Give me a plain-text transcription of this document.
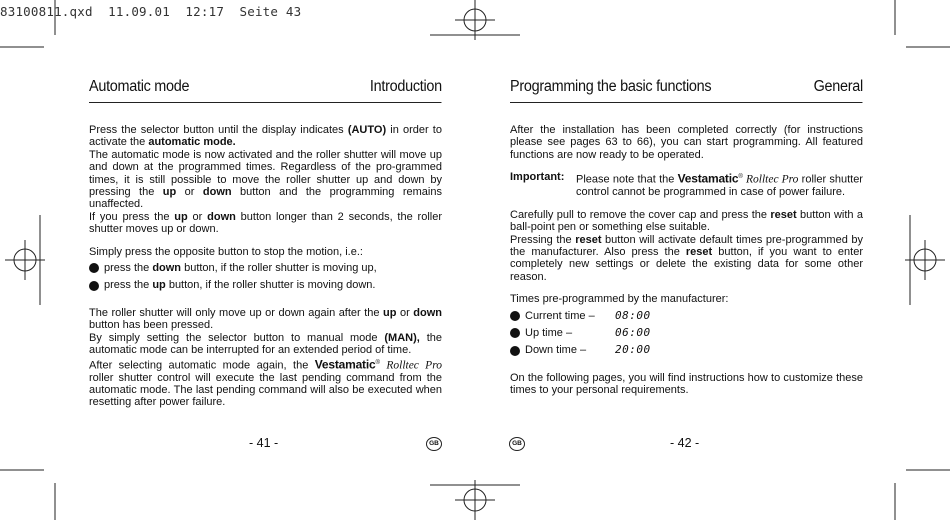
83100811.qxd  11.09.01  12:17  Seite 43
Automatic mode	Introduction

Press the selector button until the display indicates (AUTO) in order to activate the automatic mode.
The automatic mode is now activated and the roller shutter will move up and down at the programmed times. Regardless of the pro-grammed times, it is still possible to move the roller shutter up and down by pressing the up or down button and the programming remains unaffected.
If you press the up or down button longer than 2 seconds, the roller shutter moves up or down.

Simply press the opposite button to stop the motion, i.e.:

press the down button, if the roller shutter is moving up,
press the up button, if the roller shutter is moving down.

The roller shutter will only move up or down again after the up or down button has been pressed.
By simply setting the selector button to manual mode (MAN), the automatic mode can be interrupted for an extended period of time.
After selecting automatic mode again, the Vestamatic® Rolltec Pro roller shutter control will execute the last pending command from the automatic mode. The last pending command will also be executed when resetting after power failure.

- 41 -	GB
Programming the basic functions	General

After the installation has been completed correctly (for instructions please see pages 63 to 66), you can start programming. All featured functions are now ready to be operated.

Important:	Please note that the Vestamatic® Rolltec Pro roller shutter control cannot be programmed in case of power failure.

Carefully pull to remove the cover cap and press the reset button with a ball-point pen or something else suitable.
Pressing the reset button will activate default times pre-programmed by the manufacturer. Also press the reset button, if you want to enter completely new settings or delete the existing data for some other reason.

Times pre-programmed by the manufacturer:

Current time –	08:00
Up time –	06:00
Down time –	20:00

On the following pages, you will find instructions how to customize these times to your personal requirements.

GB	- 42 -
